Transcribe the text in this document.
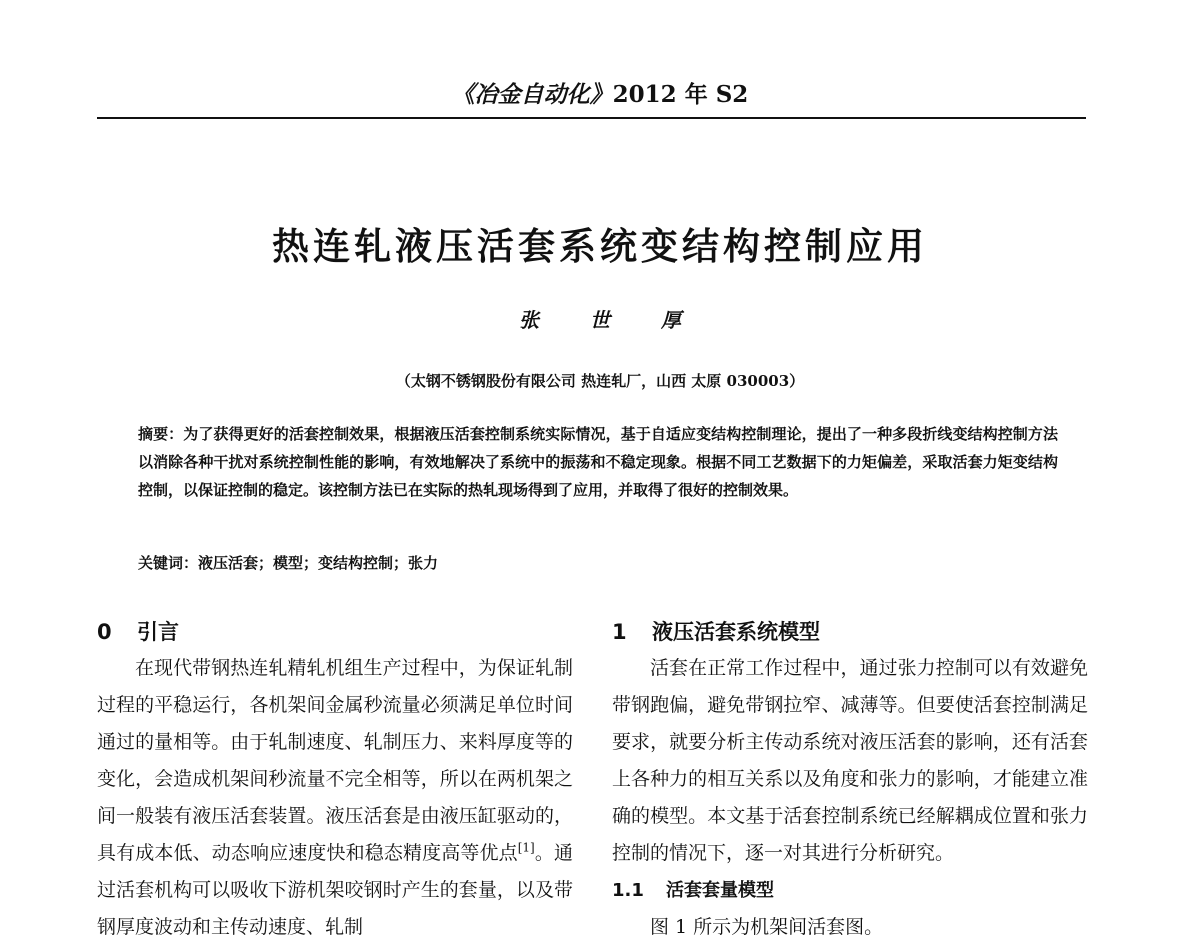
《冶金自动化》2012 年 S2
热连轧液压活套系统变结构控制应用
张 世 厚
（太钢不锈钢股份有限公司 热连轧厂，山西 太原 030003）
摘要：为了获得更好的活套控制效果，根据液压活套控制系统实际情况，基于自适应变结构控制理论，提出了一种多段折线变结构控制方法以消除各种干扰对系统控制性能的影响，有效地解决了系统中的振荡和不稳定现象。根据不同工艺数据下的力矩偏差，采取活套力矩变结构控制，以保证控制的稳定。该控制方法已在实际的热轧现场得到了应用，并取得了很好的控制效果。
关键词：液压活套；模型；变结构控制；张力
0 引言

在现代带钢热连轧精轧机组生产过程中，为保证轧制过程的平稳运行，各机架间金属秒流量必须满足单位时间通过的量相等。由于轧制速度、轧制压力、来料厚度等的变化，会造成机架间秒流量不完全相等，所以在两机架之间一般装有液压活套装置。液压活套是由液压缸驱动的，具有成本低、动态响应速度快和稳态精度高等优点[1]。通过活套机构可以吸收下游机架咬钢时产生的套量，以及带钢厚度波动和主传动速度、轧制

1 液压活套系统模型

活套在正常工作过程中，通过张力控制可以有效避免带钢跑偏，避免带钢拉窄、减薄等。但要使活套控制满足要求，就要分析主传动系统对液压活套的影响，还有活套上各种力的相互关系以及角度和张力的影响，才能建立准确的模型。本文基于活套控制系统已经解耦成位置和张力控制的情况下，逐一对其进行分析研究。

1.1 活套套量模型

图 1 所示为机架间活套图。
